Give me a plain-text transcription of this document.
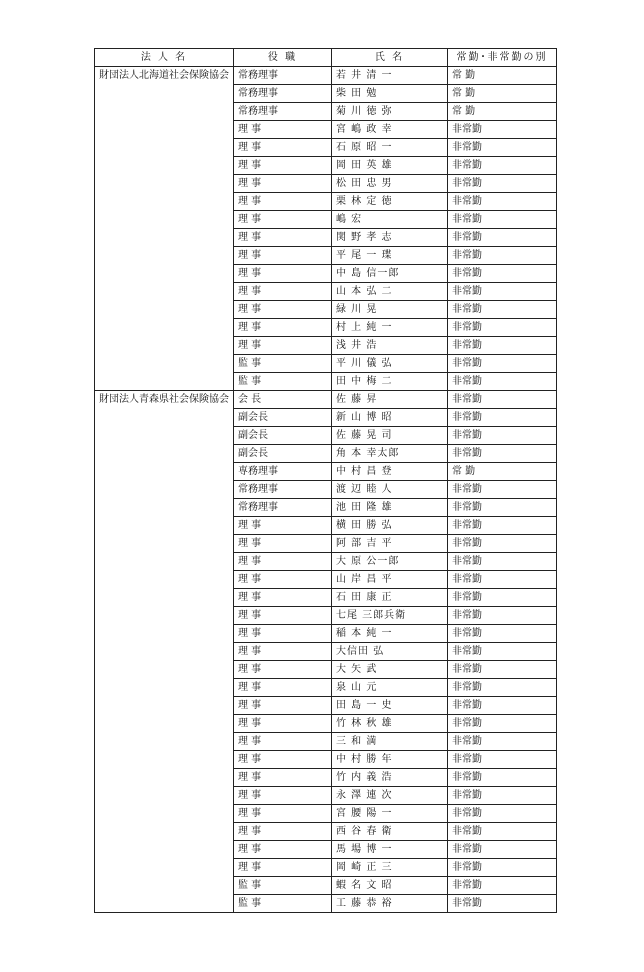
法 人 名	役 職	氏 名	常勤･非常勤の別
財団法人北海道社会保険協会	常務理事	若 井 清 一	常 勤
	常務理事	柴 田 勉	常 勤
	常務理事	菊 川 徳 弥	常 勤
	理 事	宮 嶋 政 幸	非常勤
	理 事	石 原 昭 一	非常勤
	理 事	岡 田 英 雄	非常勤
	理 事	松 田 忠 男	非常勤
	理 事	栗 林 定 徳	非常勤
	理 事	嶋 宏	非常勤
	理 事	関 野 孝 志	非常勤
	理 事	平 尾 一 㻡	非常勤
	理 事	中 島 信一郎	非常勤
	理 事	山 本 弘 二	非常勤
	理 事	緑 川 晃	非常勤
	理 事	村 上 純 一	非常勤
	理 事	浅 井 浩	非常勤
	監 事	平 川 儀 弘	非常勤
	監 事	田 中 梅 二	非常勤
財団法人青森県社会保険協会	会 長	佐 藤 昇	非常勤
	副会長	新 山 博 昭	非常勤
	副会長	佐 藤 晃 司	非常勤
	副会長	角 本 幸太郎	非常勤
	専務理事	中 村 昌 登	常 勤
	常務理事	渡 辺 睦 人	非常勤
	常務理事	池 田 隆 雄	非常勤
	理 事	横 田 勝 弘	非常勤
	理 事	阿 部 吉 平	非常勤
	理 事	大 原 公一郎	非常勤
	理 事	山 岸 昌 平	非常勤
	理 事	石 田 康 正	非常勤
	理 事	七尾 三郎兵衛	非常勤
	理 事	稲 本 純 一	非常勤
	理 事	大信田 弘	非常勤
	理 事	大 矢 武	非常勤
	理 事	泉 山 元	非常勤
	理 事	田 島 一 史	非常勤
	理 事	竹 林 秋 雄	非常勤
	理 事	三 和 満	非常勤
	理 事	中 村 勝 年	非常勤
	理 事	竹 内 義 浩	非常勤
	理 事	永 澤 連 次	非常勤
	理 事	宮 腰 陽 一	非常勤
	理 事	西 谷 春 衛	非常勤
	理 事	馬 場 博 一	非常勤
	理 事	岡 崎 正 三	非常勤
	監 事	蝦 名 文 昭	非常勤
	監 事	工 藤 恭 裕	非常勤
